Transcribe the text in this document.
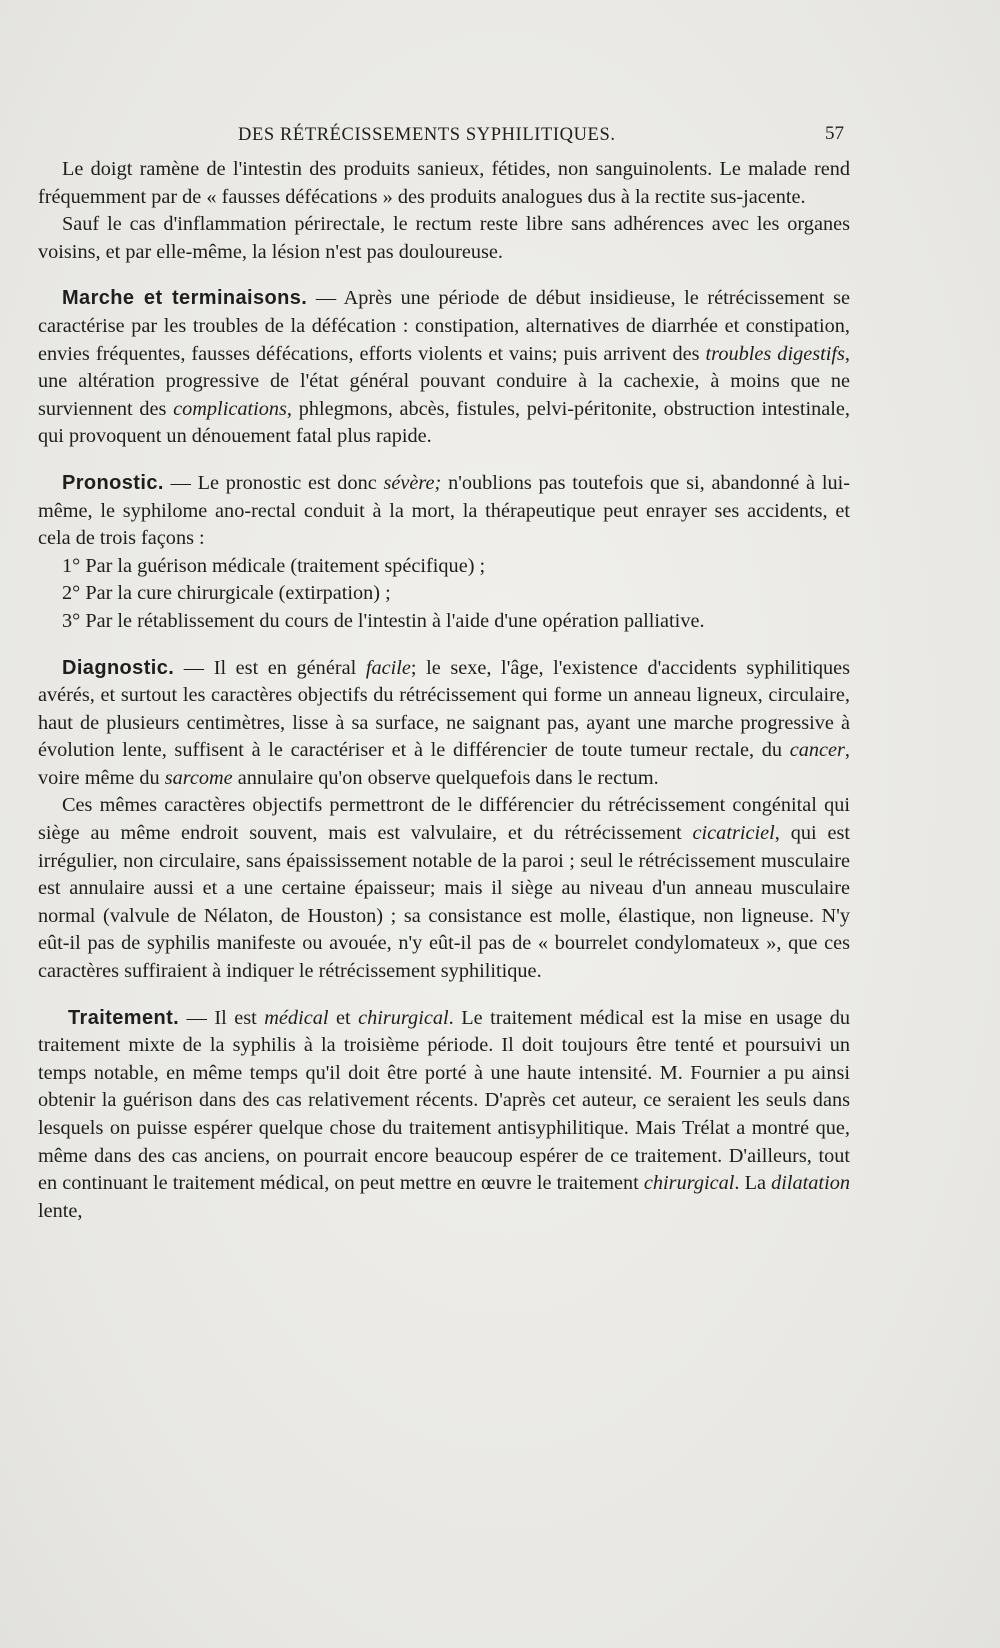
DES RÉTRÉCISSEMENTS SYPHILITIQUES.	57

Le doigt ramène de l'intestin des produits sanieux, fétides, non sanguinolents. Le malade rend fréquemment par de « fausses défécations » des produits analogues dus à la rectite sus-jacente.

Sauf le cas d'inflammation périrectale, le rectum reste libre sans adhérences avec les organes voisins, et par elle-même, la lésion n'est pas douloureuse.

Marche et terminaisons. — Après une période de début insidieuse, le rétrécissement se caractérise par les troubles de la défécation : constipation, alternatives de diarrhée et constipation, envies fréquentes, fausses défécations, efforts violents et vains; puis arrivent des troubles digestifs, une altération progressive de l'état général pouvant conduire à la cachexie, à moins que ne surviennent des complications, phlegmons, abcès, fistules, pelvi-péritonite, obstruction intestinale, qui provoquent un dénouement fatal plus rapide.

Pronostic. — Le pronostic est donc sévère; n'oublions pas toutefois que si, abandonné à lui-même, le syphilome ano-rectal conduit à la mort, la thérapeutique peut enrayer ses accidents, et cela de trois façons :

1° Par la guérison médicale (traitement spécifique) ;

2° Par la cure chirurgicale (extirpation) ;

3° Par le rétablissement du cours de l'intestin à l'aide d'une opération palliative.

Diagnostic. — Il est en général facile; le sexe, l'âge, l'existence d'accidents syphilitiques avérés, et surtout les caractères objectifs du rétrécissement qui forme un anneau ligneux, circulaire, haut de plusieurs centimètres, lisse à sa surface, ne saignant pas, ayant une marche progressive à évolution lente, suffisent à le caractériser et à le différencier de toute tumeur rectale, du cancer, voire même du sarcome annulaire qu'on observe quelquefois dans le rectum.

Ces mêmes caractères objectifs permettront de le différencier du rétrécissement congénital qui siège au même endroit souvent, mais est valvulaire, et du rétrécissement cicatriciel, qui est irrégulier, non circulaire, sans épaississement notable de la paroi ; seul le rétrécissement musculaire est annulaire aussi et a une certaine épaisseur; mais il siège au niveau d'un anneau musculaire normal (valvule de Nélaton, de Houston) ; sa consistance est molle, élastique, non ligneuse. N'y eût-il pas de syphilis manifeste ou avouée, n'y eût-il pas de « bourrelet condylomateux », que ces caractères suffiraient à indiquer le rétrécissement syphilitique.

Traitement. — Il est médical et chirurgical. Le traitement médical est la mise en usage du traitement mixte de la syphilis à la troisième période. Il doit toujours être tenté et poursuivi un temps notable, en même temps qu'il doit être porté à une haute intensité. M. Fournier a pu ainsi obtenir la guérison dans des cas relativement récents. D'après cet auteur, ce seraient les seuls dans lesquels on puisse espérer quelque chose du traitement antisyphilitique. Mais Trélat a montré que, même dans des cas anciens, on pourrait encore beaucoup espérer de ce traitement. D'ailleurs, tout en continuant le traitement médical, on peut mettre en œuvre le traitement chirurgical. La dilatation lente,
